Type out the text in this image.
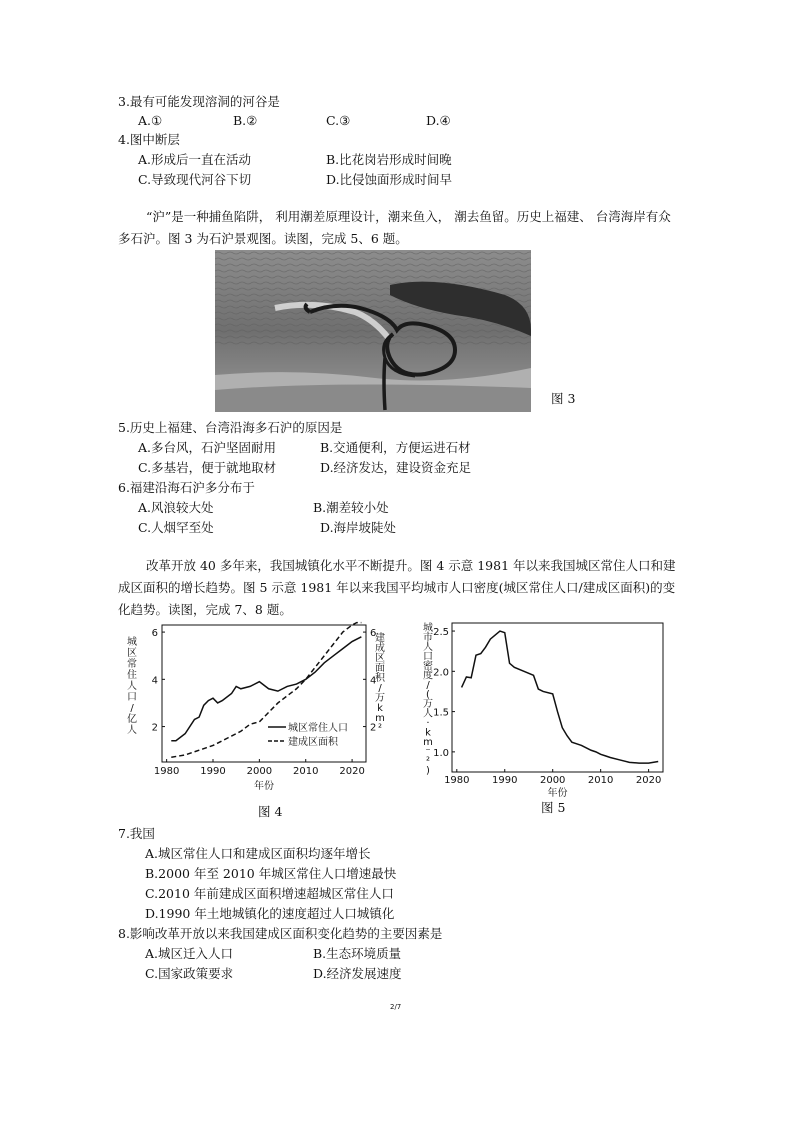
3.最有可能发现溶洞的河谷是
A.①	B.②	C.③	D.④
4.图中断层
A.形成后一直在活动	B.比花岗岩形成时间晚
C.导致现代河谷下切	D.比侵蚀面形成时间早
“沪”是一种捕鱼陷阱， 利用潮差原理设计，潮来鱼入， 潮去鱼留。历史上福建、 台湾海岸有众多石沪。图 3 为石沪景观图。读图，完成 5、6 题。
图 3
5.历史上福建、台湾沿海多石沪的原因是
A.多台风，石沪坚固耐用	B.交通便利，方便运进石材
C.多基岩，便于就地取材	D.经济发达，建设资金充足
6.福建沿海石沪多分布于
A.风浪较大处	B.潮差较小处
C.人烟罕至处	D.海岸坡陡处
改革开放 40 多年来，我国城镇化水平不断提升。图 4 示意 1981 年以来我国城区常住人口和建成区面积的增长趋势。图 5 示意 1981 年以来我国平均城市人口密度(城区常住人口/建成区面积)的变化趋势。读图，完成 7、8 题。
1980 1990 2000 2010 2020
2
4
6
2
4
6
年份
城
区
常
住
人
口
/
亿
人
建
成
区
面
积
/
万
k
m
²
城区常住人口
建成区面积
图 4
1980 1990 2000 2010 2020
1.0
1.5
2.0
2.5
年份
城
市
人
口
密
度
/
(
万
人
·
k
m
⁻
²
)
图 5
7.我国
A.城区常住人口和建成区面积均逐年增长
B.2000 年至 2010 年城区常住人口增速最快
C.2010 年前建成区面积增速超城区常住人口
D.1990 年土地城镇化的速度超过人口城镇化
8.影响改革开放以来我国建成区面积变化趋势的主要因素是
A.城区迁入人口	B.生态环境质量
C.国家政策要求	D.经济发展速度
2/7
